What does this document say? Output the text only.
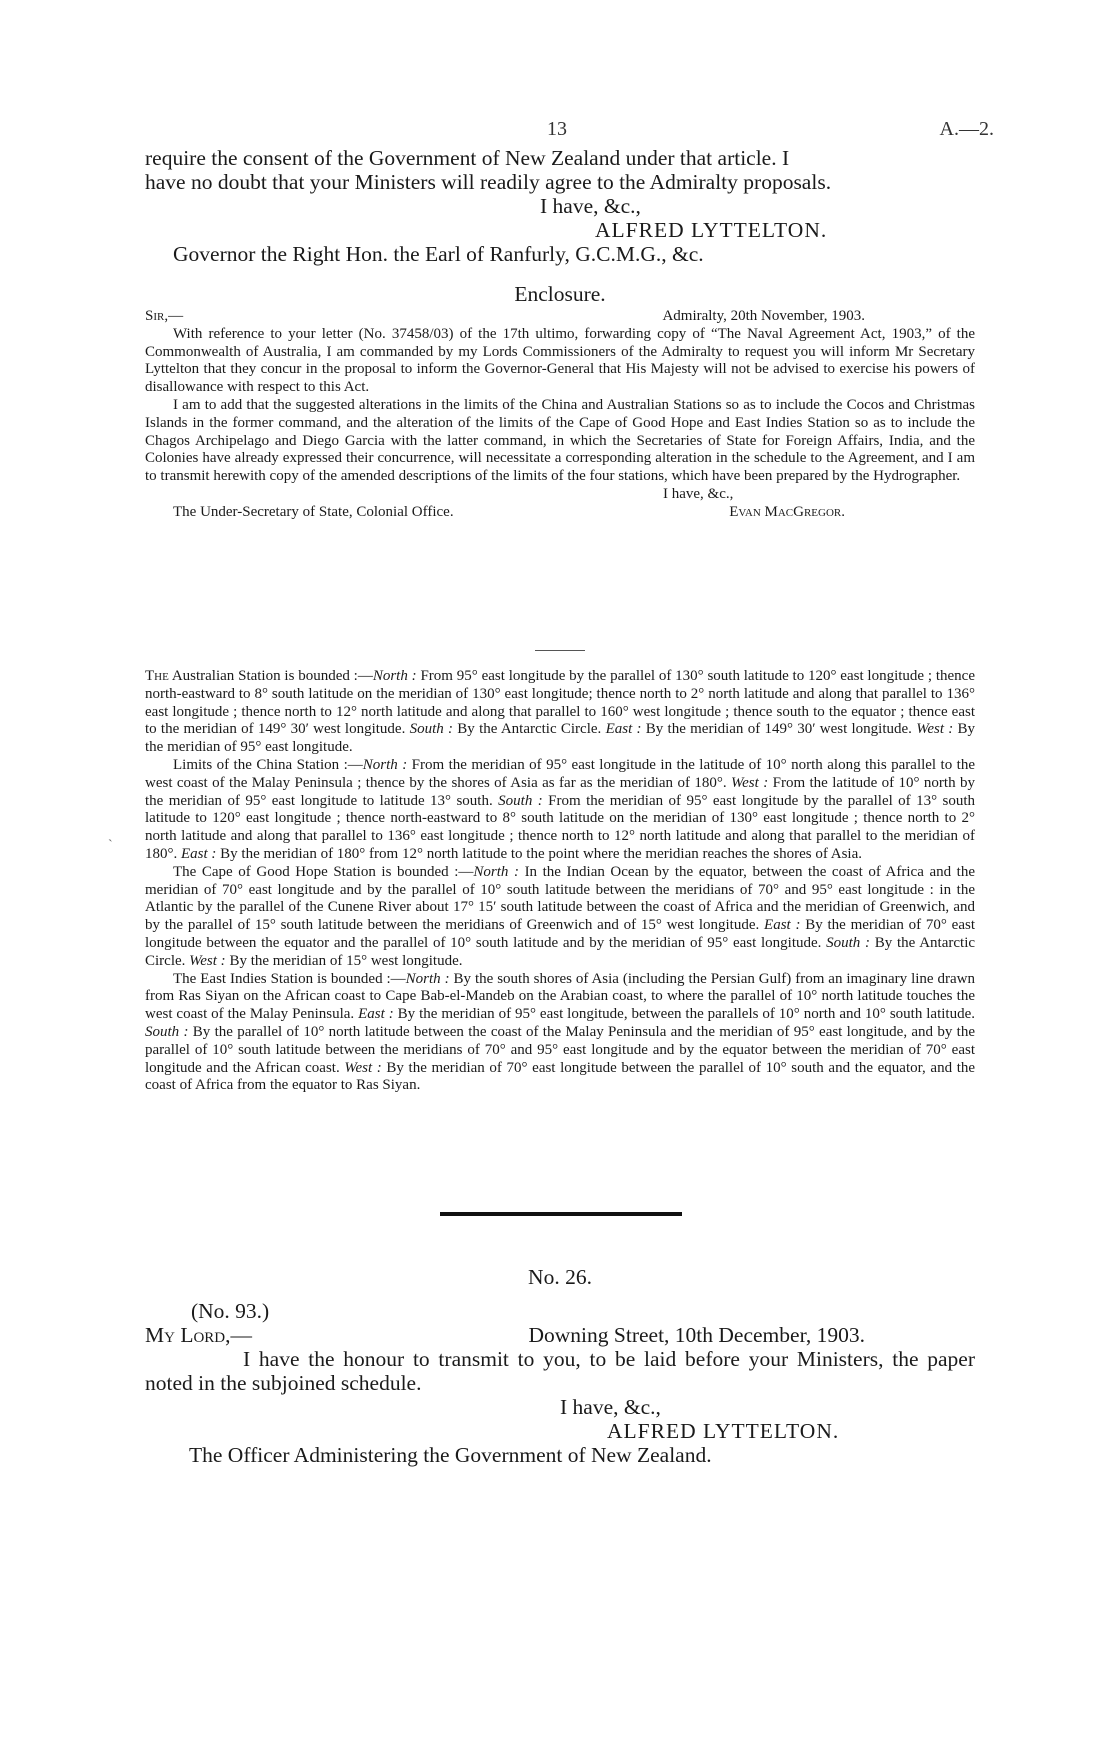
13	A.—2.

require the consent of the Government of New Zealand under that article. I

have no doubt that your Ministers will readily agree to the Admiralty proposals.

I have, &c.,

ALFRED LYTTELTON.

Governor the Right Hon. the Earl of Ranfurly, G.C.M.G., &c.

Enclosure.
Sir,—	Admiralty, 20th November, 1903.

With reference to your letter (No. 37458/03) of the 17th ultimo, forwarding copy of “The Naval Agreement Act, 1903,” of the Commonwealth of Australia, I am commanded by my Lords Commissioners of the Admiralty to request you will inform Mr Secretary Lyttelton that they concur in the proposal to inform the Governor-General that His Majesty will not be advised to exercise his powers of disallowance with respect to this Act.

I am to add that the suggested alterations in the limits of the China and Australian Stations so as to include the Cocos and Christmas Islands in the former command, and the alteration of the limits of the Cape of Good Hope and East Indies Station so as to include the Chagos Archipelago and Diego Garcia with the latter command, in which the Secretaries of State for Foreign Affairs, India, and the Colonies have already expressed their concurrence, will necessitate a corresponding alteration in the schedule to the Agreement, and I am to transmit herewith copy of the amended descriptions of the limits of the four stations, which have been prepared by the Hydrographer.

I have, &c.,

The Under-Secretary of State, Colonial Office.	Evan MacGregor.

The Australian Station is bounded :—North : From 95° east longitude by the parallel of 130° south latitude to 120° east longitude ; thence north-eastward to 8° south latitude on the meridian of 130° east longitude; thence north to 2° north latitude and along that parallel to 136° east longitude ; thence north to 12° north latitude and along that parallel to 160° west longitude ; thence south to the equator ; thence east to the meridian of 149° 30′ west longitude. South : By the Antarctic Circle. East : By the meridian of 149° 30′ west longitude. West : By the meridian of 95° east longitude.

Limits of the China Station :—North : From the meridian of 95° east longitude in the latitude of 10° north along this parallel to the west coast of the Malay Peninsula ; thence by the shores of Asia as far as the meridian of 180°. West : From the latitude of 10° north by the meridian of 95° east longitude to latitude 13° south. South : From the meridian of 95° east longitude by the parallel of 13° south latitude to 120° east longitude ; thence north-eastward to 8° south latitude on the meridian of 130° east longitude ; thence north to 2° north latitude and along that parallel to 136° east longitude ; thence north to 12° north latitude and along that parallel to the meridian of 180°. East : By the meridian of 180° from 12° north latitude to the point where the meridian reaches the shores of Asia.

The Cape of Good Hope Station is bounded :—North : In the Indian Ocean by the equator, between the coast of Africa and the meridian of 70° east longitude and by the parallel of 10° south latitude between the meridians of 70° and 95° east longitude : in the Atlantic by the parallel of the Cunene River about 17° 15′ south latitude between the coast of Africa and the meridian of Greenwich, and by the parallel of 15° south latitude between the meridians of Greenwich and of 15° west longitude. East : By the meridian of 70° east longitude between the equator and the parallel of 10° south latitude and by the meridian of 95° east longitude. South : By the Antarctic Circle. West : By the meridian of 15° west longitude.

The East Indies Station is bounded :—North : By the south shores of Asia (including the Persian Gulf) from an imaginary line drawn from Ras Siyan on the African coast to Cape Bab-el-Mandeb on the Arabian coast, to where the parallel of 10° north latitude touches the west coast of the Malay Peninsula. East : By the meridian of 95° east longitude, between the parallels of 10° north and 10° south latitude. South : By the parallel of 10° north latitude between the coast of the Malay Peninsula and the meridian of 95° east longitude, and by the parallel of 10° south latitude between the meridians of 70° and 95° east longitude and by the equator between the meridian of 70° east longitude and the African coast. West : By the meridian of 70° east longitude between the parallel of 10° south and the equator, and the coast of Africa from the equator to Ras Siyan.

`
No. 26.

(No. 93.)

My Lord,—	Downing Street, 10th December, 1903.

I have the honour to transmit to you, to be laid before your Ministers, the paper noted in the subjoined schedule.

I have, &c.,

ALFRED LYTTELTON.

The Officer Administering the Government of New Zealand.
